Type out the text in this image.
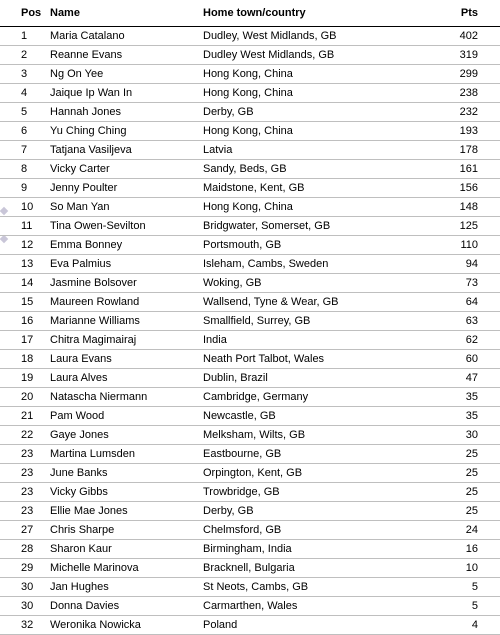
Pos	Name	Home town/country	Pts
1	Maria Catalano	Dudley, West Midlands, GB	402
2	Reanne Evans	Dudley West Midlands, GB	319
3	Ng On Yee	Hong Kong, China	299
4	Jaique Ip Wan In	Hong Kong, China	238
5	Hannah Jones	Derby, GB	232
6	Yu Ching Ching	Hong Kong, China	193
7	Tatjana Vasiljeva	Latvia	178
8	Vicky Carter	Sandy, Beds, GB	161
9	Jenny Poulter	Maidstone, Kent, GB	156
10	So Man Yan	Hong Kong, China	148
11	Tina Owen-Sevilton	Bridgwater, Somerset, GB	125
12	Emma Bonney	Portsmouth, GB	110
13	Eva Palmius	Isleham, Cambs, Sweden	94
14	Jasmine Bolsover	Woking, GB	73
15	Maureen Rowland	Wallsend, Tyne & Wear, GB	64
16	Marianne Williams	Smallfield, Surrey, GB	63
17	Chitra Magimairaj	India	62
18	Laura Evans	Neath Port Talbot, Wales	60
19	Laura Alves	Dublin, Brazil	47
20	Natascha Niermann	Cambridge, Germany	35
21	Pam Wood	Newcastle, GB	35
22	Gaye Jones	Melksham, Wilts, GB	30
23	Martina Lumsden	Eastbourne, GB	25
23	June Banks	Orpington, Kent, GB	25
23	Vicky Gibbs	Trowbridge, GB	25
23	Ellie Mae Jones	Derby, GB	25
27	Chris Sharpe	Chelmsford, GB	24
28	Sharon Kaur	Birmingham, India	16
29	Michelle Marinova	Bracknell, Bulgaria	10
30	Jan Hughes	St Neots, Cambs, GB	5
30	Donna Davies	Carmarthen, Wales	5
32	Weronika Nowicka	Poland	4
